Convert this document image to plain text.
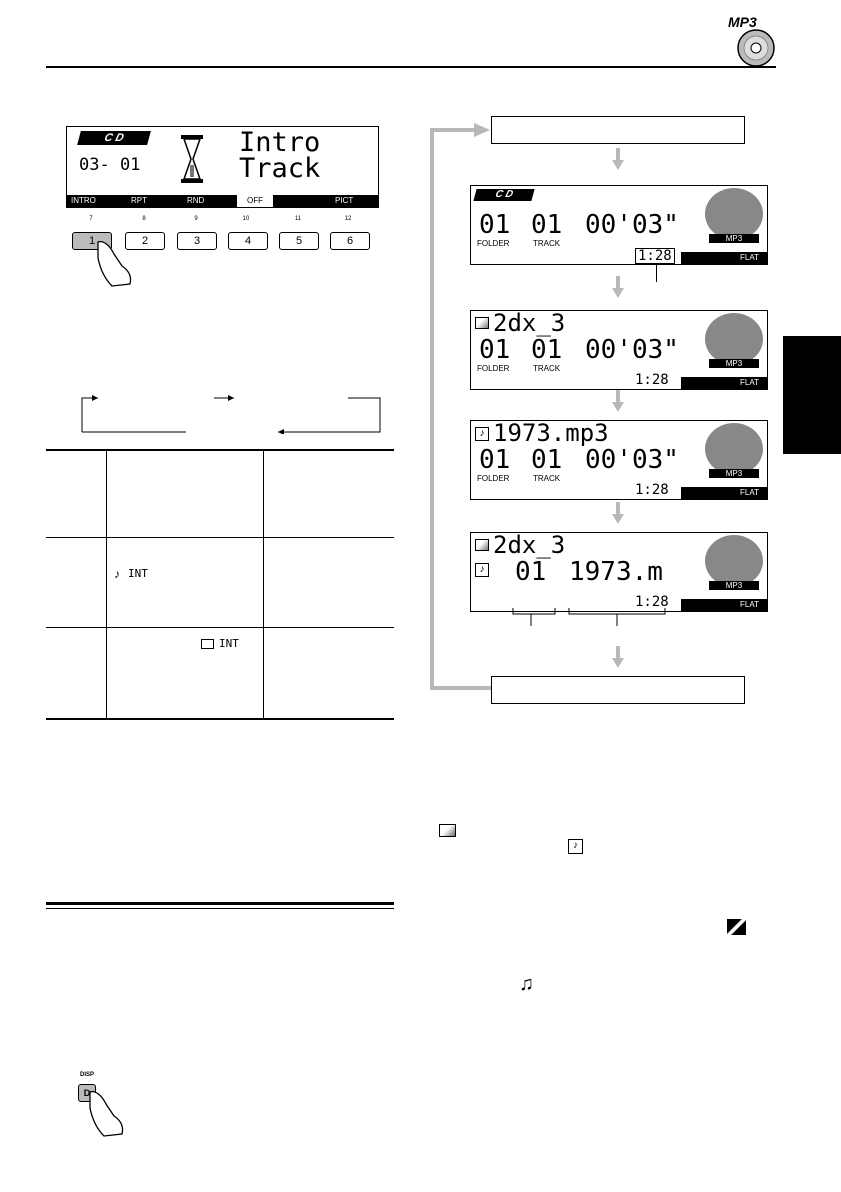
MP3
C D
03- 01
Intro
Track
INTRO	RPT	RND	OFF	PICT
7	8	9	10	11	12
1	2	3	4	5	6
♪ INT
INT
DISP
D
C D
01 01 00'03"
FOLDER	TRACK
MP3
1:28	FLAT
2dx_3
01 01 00'03"
FOLDER	TRACK
MP3
1:28	FLAT
♪ 1973.mp3
01 01 00'03"
FOLDER	TRACK
MP3
1:28	FLAT
2dx_3
♪ 01 1973.m	MP3
1:28	FLAT
♪
♫
